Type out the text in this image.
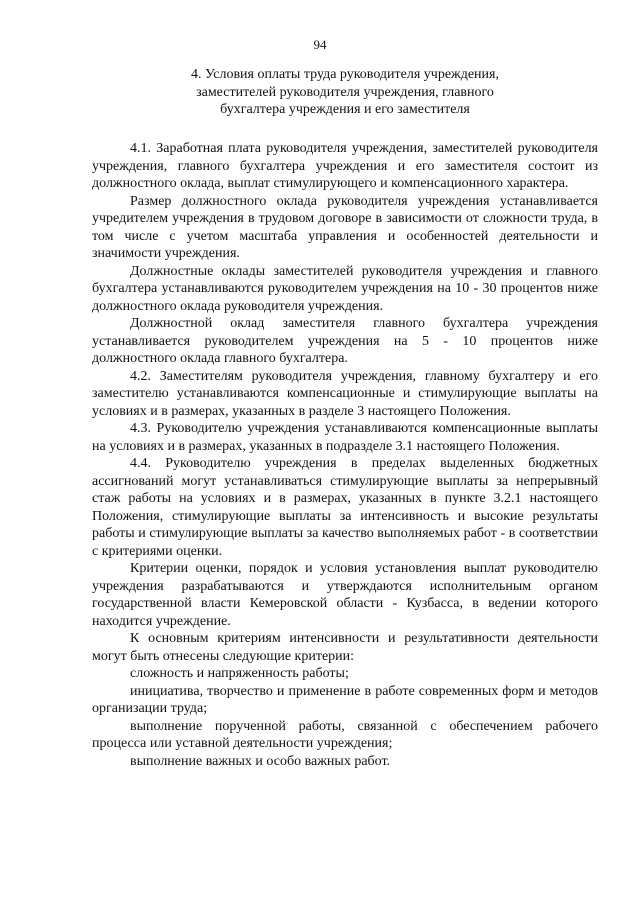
94
4. Условия оплаты труда руководителя учреждения,
заместителей руководителя учреждения, главного
бухгалтера учреждения и его заместителя

4.1. Заработная плата руководителя учреждения, заместителей руководителя учреждения, главного бухгалтера учреждения и его заместителя состоит из должностного оклада, выплат стимулирующего и компенсационного характера.

Размер должностного оклада руководителя учреждения устанавливается учредителем учреждения в трудовом договоре в зависимости от сложности труда, в том числе с учетом масштаба управления и особенностей деятельности и значимости учреждения.

Должностные оклады заместителей руководителя учреждения и главного бухгалтера устанавливаются руководителем учреждения на 10 - 30 процентов ниже должностного оклада руководителя учреждения.

Должностной оклад заместителя главного бухгалтера учреждения устанавливается руководителем учреждения на 5 - 10 процентов ниже должностного оклада главного бухгалтера.

4.2. Заместителям руководителя учреждения, главному бухгалтеру и его заместителю устанавливаются компенсационные и стимулирующие выплаты на условиях и в размерах, указанных в разделе 3 настоящего Положения.

4.3. Руководителю учреждения устанавливаются компенсационные выплаты на условиях и в размерах, указанных в подразделе 3.1 настоящего Положения.

4.4. Руководителю учреждения в пределах выделенных бюджетных ассигнований могут устанавливаться стимулирующие выплаты за непрерывный стаж работы на условиях и в размерах, указанных в пункте 3.2.1 настоящего Положения, стимулирующие выплаты за интенсивность и высокие результаты работы и стимулирующие выплаты за качество выполняемых работ - в соответствии с критериями оценки.

Критерии оценки, порядок и условия установления выплат руководителю учреждения разрабатываются и утверждаются исполнительным органом государственной власти Кемеровской области - Кузбасса, в ведении которого находится учреждение.

К основным критериям интенсивности и результативности деятельности могут быть отнесены следующие критерии:

сложность и напряженность работы;

инициатива, творчество и применение в работе современных форм и методов организации труда;

выполнение порученной работы, связанной с обеспечением рабочего процесса или уставной деятельности учреждения;

выполнение важных и особо важных работ.
